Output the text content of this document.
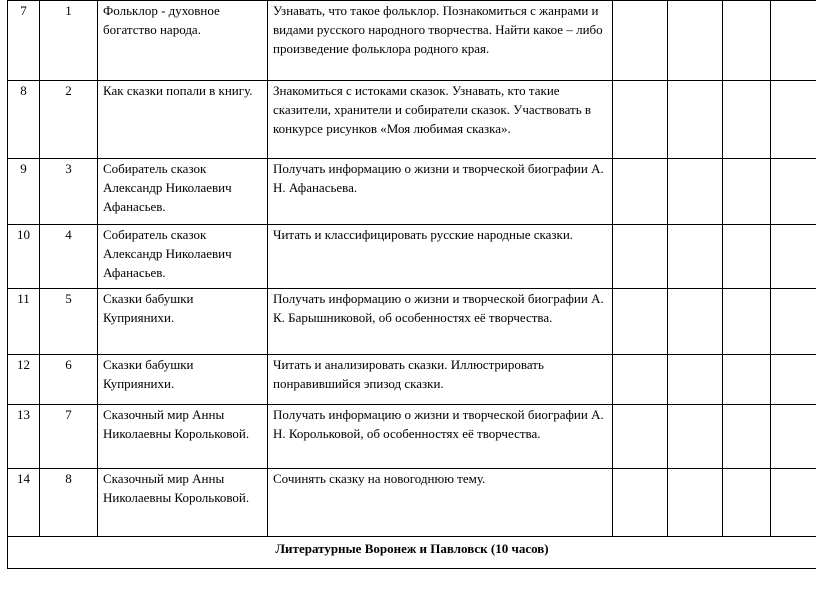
7	1	Фольклор - духовное богатство народа.	Узнавать, что такое фольклор. Познакомиться с жанрами и видами русского народного творчества. Найти какое – либо произведение фольклора родного края.				
8	2	Как сказки попали в книгу.	Знакомиться с истоками сказок. Узнавать, кто такие сказители, хранители и собиратели сказок. Участвовать в конкурсе рисунков «Моя любимая сказка».				
9	3	Собиратель сказок Александр Николаевич Афанасьев.	Получать информацию о жизни и творческой биографии А. Н. Афанасьева.				
10	4	Собиратель сказок Александр Николаевич Афанасьев.	Читать и классифицировать русские народные сказки.				
11	5	Сказки бабушки Куприянихи.	Получать информацию о жизни и творческой биографии А. К. Барышниковой, об особенностях её творчества.				
12	6	Сказки бабушки Куприянихи.	Читать и анализировать сказки. Иллюстрировать понравившийся эпизод сказки.				
13	7	Сказочный мир Анны Николаевны Корольковой.	Получать информацию о жизни и творческой биографии А. Н. Корольковой, об особенностях её творчества.				
14	8	Сказочный мир Анны Николаевны Корольковой.	Сочинять сказку на новогоднюю тему.				
Литературные Воронеж и Павловск (10 часов)							
